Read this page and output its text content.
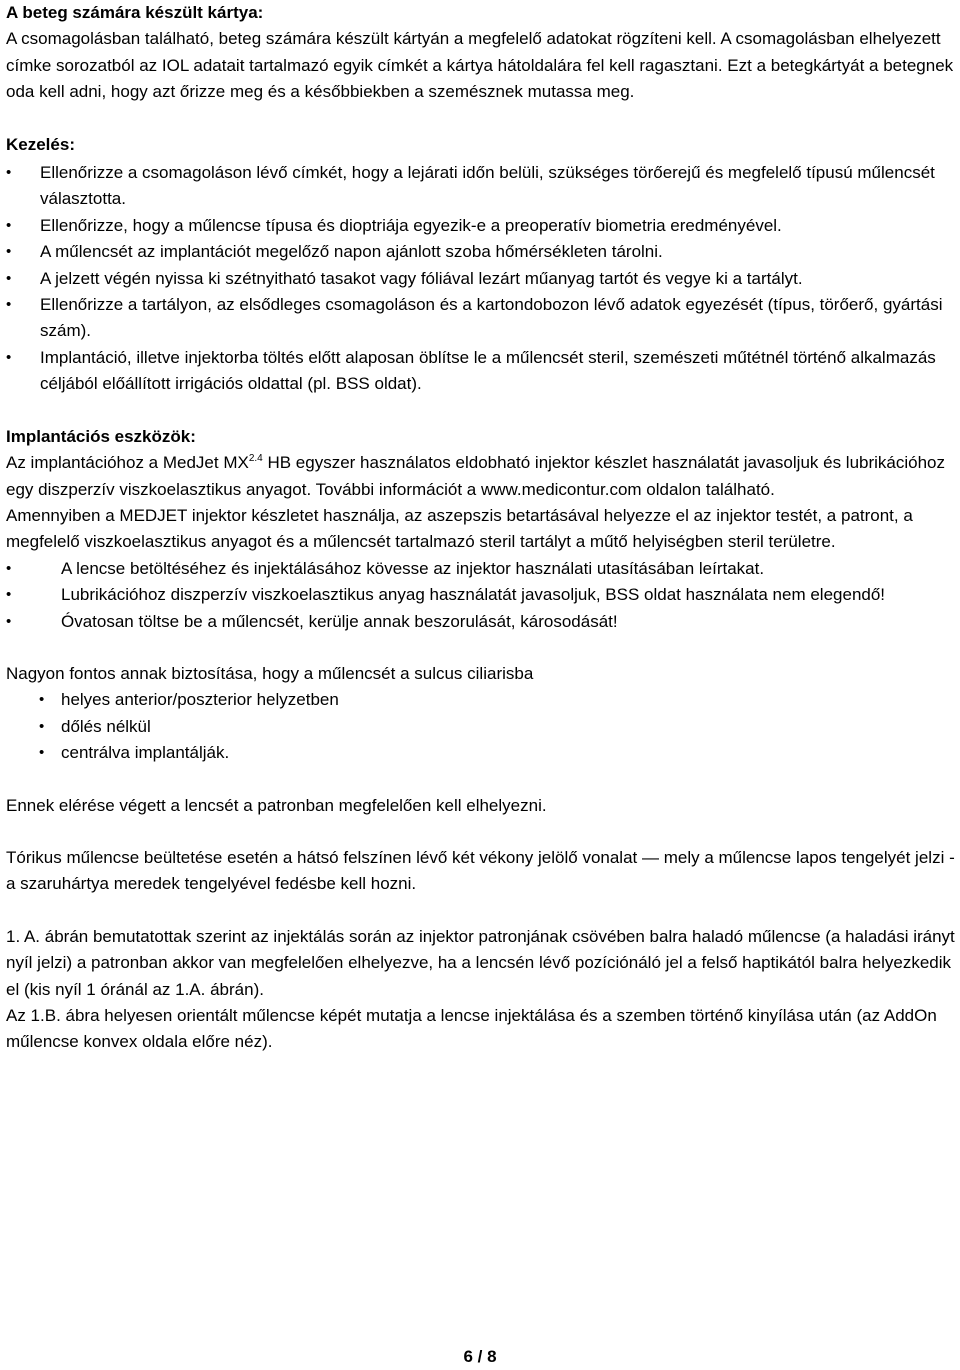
A beteg számára készült kártya:

A csomagolásban található, beteg számára készült kártyán a megfelelő adatokat rögzíteni kell. A csomagolásban elhelyezett címke sorozatból az IOL adatait tartalmazó egyik címkét a kártya hátoldalára fel kell ragasztani. Ezt a betegkártyát a betegnek oda kell adni, hogy azt őrizze meg és a későbbiekben a szemésznek mutassa meg.

Kezelés:

•	Ellenőrizze a csomagoláson lévő címkét, hogy a lejárati időn belüli, szükséges törőerejű és megfelelő típusú műlencsét választotta.
•	Ellenőrizze, hogy a műlencse típusa és dioptriája egyezik-e a preoperatív biometria eredményével.
•	A műlencsét az implantációt megelőző napon ajánlott szoba hőmérsékleten tárolni.
•	A jelzett végén nyissa ki szétnyitható tasakot vagy fóliával lezárt műanyag tartót és vegye ki a tartályt.
•	Ellenőrizze a tartályon, az elsődleges csomagoláson és a kartondobozon lévő adatok egyezését (típus, törőerő, gyártási szám).
•	Implantáció, illetve injektorba töltés előtt alaposan öblítse le a műlencsét steril, szemészeti műtétnél történő alkalmazás céljából előállított irrigációs oldattal (pl. BSS oldat).

Implantációs eszközök:

Az implantációhoz a MedJet $MX^{2.4}$ HB egyszer használatos eldobható injektor készlet használatát javasoljuk és lubrikációhoz egy diszperzív viszkoelasztikus anyagot. További információt a www.medicontur.com oldalon található.

Amennyiben a MEDJET injektor készletet használja, az aszepszis betartásával helyezze el az injektor testét, a patront, a megfelelő viszkoelasztikus anyagot és a műlencsét tartalmazó steril tartályt a műtő helyiségben steril területre.

•	A lencse betöltéséhez és injektálásához kövesse az injektor használati utasításában leírtakat.
•	Lubrikációhoz diszperzív viszkoelasztikus anyag használatát javasoljuk, BSS oldat használata nem elegendő!
•	Óvatosan töltse be a műlencsét, kerülje annak beszorulását, károsodását!

Nagyon fontos annak biztosítása, hogy a műlencsét a sulcus ciliarisba

• helyes anterior/poszterior helyzetben
• dőlés nélkül
• centrálva implantálják.

Ennek elérése végett a lencsét a patronban megfelelően kell elhelyezni.

Tórikus műlencse beültetése esetén a hátsó felszínen lévő két vékony jelölő vonalat — mely a műlencse lapos tengelyét jelzi - a szaruhártya meredek tengelyével fedésbe kell hozni.

1. A. ábrán bemutatottak szerint az injektálás során az injektor patronjának csövében balra haladó műlencse (a haladási irányt nyíl jelzi) a patronban akkor van megfelelően elhelyezve, ha a lencsén lévő pozíciónáló jel a felső haptikától balra helyezkedik el (kis nyíl 1 óránál az 1.A. ábrán).

Az 1.B. ábra helyesen orientált műlencse képét mutatja a lencse injektálása és a szemben történő kinyílása után (az AddOn műlencse konvex oldala előre néz).

6 / 8
